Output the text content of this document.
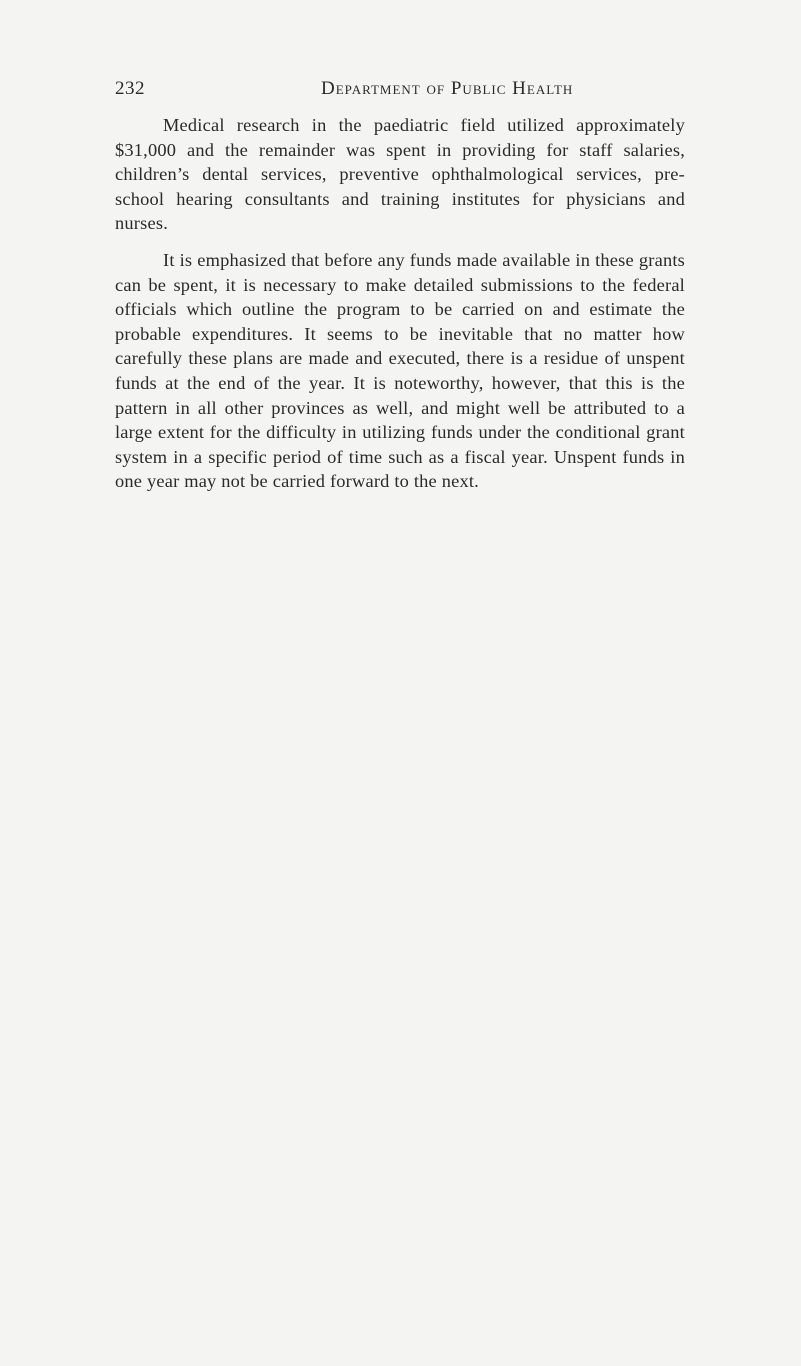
232	Department of Public Health

Medical research in the paediatric field utilized approximately $31,000 and the remainder was spent in providing for staff salaries, children’s dental services, preventive ophthalmological services, pre-school hearing consultants and training institutes for physicians and nurses.

It is emphasized that before any funds made available in these grants can be spent, it is necessary to make detailed submissions to the federal officials which outline the program to be carried on and estimate the probable expenditures. It seems to be inevitable that no matter how carefully these plans are made and executed, there is a residue of unspent funds at the end of the year. It is noteworthy, however, that this is the pattern in all other provinces as well, and might well be attributed to a large extent for the difficulty in utilizing funds under the conditional grant system in a specific period of time such as a fiscal year. Unspent funds in one year may not be carried forward to the next.
